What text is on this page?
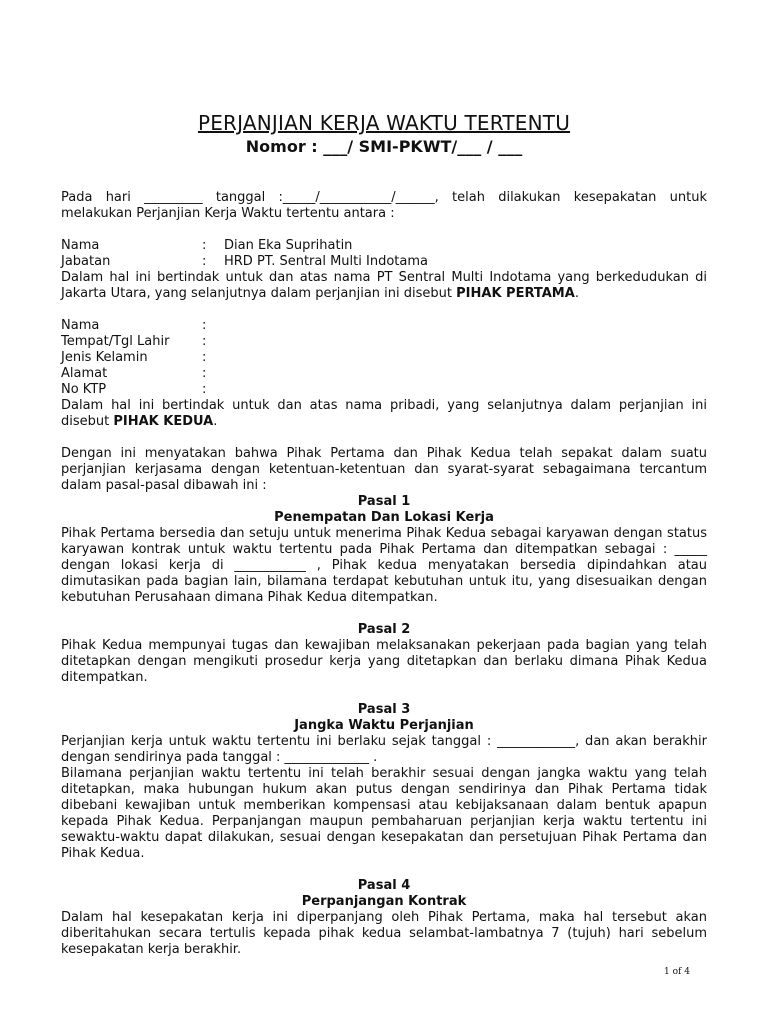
PERJANJIAN KERJA WAKTU TERTENTU
Nomor : ___/ SMI-PKWT/___ / ___

Pada hari _________ tanggal :_____/___________/______, telah dilakukan kesepakatan untuk melakukan Perjanjian Kerja Waktu tertentu antara :

Nama	:	Dian Eka Suprihatin
Jabatan	:	HRD PT. Sentral Multi Indotama

Dalam hal ini bertindak untuk dan atas nama PT Sentral Multi Indotama yang berkedudukan di Jakarta Utara, yang selanjutnya dalam perjanjian ini disebut PIHAK PERTAMA.

Nama	:
Tempat/Tgl Lahir	:
Jenis Kelamin	:
Alamat	:
No KTP	:

Dalam hal ini bertindak untuk dan atas nama pribadi, yang selanjutnya dalam perjanjian ini disebut PIHAK KEDUA.

Dengan ini menyatakan bahwa Pihak Pertama dan Pihak Kedua telah sepakat dalam suatu perjanjian kerjasama dengan ketentuan-ketentuan dan syarat-syarat sebagaimana tercantum dalam pasal-pasal dibawah ini :

Pasal 1

Penempatan Dan Lokasi Kerja

Pihak Pertama bersedia dan setuju untuk menerima Pihak Kedua sebagai karyawan dengan status karyawan kontrak untuk waktu tertentu pada Pihak Pertama dan ditempatkan sebagai : _____ dengan lokasi kerja di ___________ , Pihak kedua menyatakan bersedia dipindahkan atau dimutasikan pada bagian lain, bilamana terdapat kebutuhan untuk itu, yang disesuaikan dengan kebutuhan Perusahaan dimana Pihak Kedua ditempatkan.

Pasal 2

Pihak Kedua mempunyai tugas dan kewajiban melaksanakan pekerjaan pada bagian yang telah ditetapkan dengan mengikuti prosedur kerja yang ditetapkan dan berlaku dimana Pihak Kedua ditempatkan.

Pasal 3

Jangka Waktu Perjanjian

Perjanjian kerja untuk waktu tertentu ini berlaku sejak tanggal : ____________, dan akan berakhir dengan sendirinya pada tanggal : _____________ .

Bilamana perjanjian waktu tertentu ini telah berakhir sesuai dengan jangka waktu yang telah ditetapkan, maka hubungan hukum akan putus dengan sendirinya dan Pihak Pertama tidak dibebani kewajiban untuk memberikan kompensasi atau kebijaksanaan dalam bentuk apapun kepada Pihak Kedua. Perpanjangan maupun pembaharuan perjanjian kerja waktu tertentu ini sewaktu-waktu dapat dilakukan, sesuai dengan kesepakatan dan persetujuan Pihak Pertama dan Pihak Kedua.

Pasal 4

Perpanjangan Kontrak

Dalam hal kesepakatan kerja ini diperpanjang oleh Pihak Pertama, maka hal tersebut akan diberitahukan secara tertulis kepada pihak kedua selambat-lambatnya 7 (tujuh) hari sebelum kesepakatan kerja berakhir.

1 of 4
